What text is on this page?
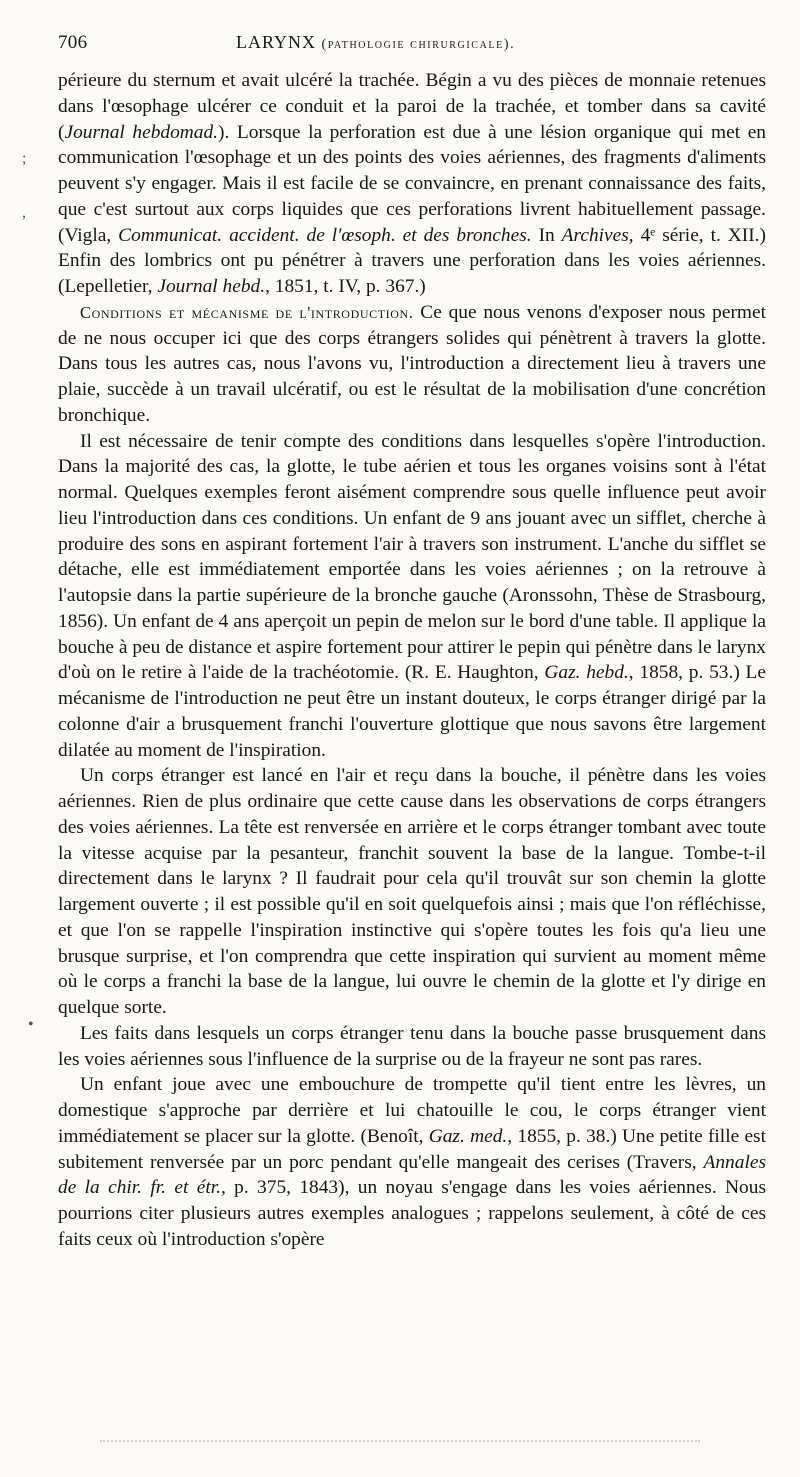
706	LARYNX (pathologie chirurgicale).

périeure du sternum et avait ulcéré la trachée. Bégin a vu des pièces de monnaie retenues dans l'œsophage ulcérer ce conduit et la paroi de la trachée, et tomber dans sa cavité (Journal hebdomad.). Lorsque la perforation est due à une lésion organique qui met en communication l'œsophage et un des points des voies aériennes, des fragments d'aliments peuvent s'y engager. Mais il est facile de se convaincre, en prenant connaissance des faits, que c'est surtout aux corps liquides que ces perforations livrent habituellement passage. (Vigla, Communicat. accident. de l'œsoph. et des bronches. In Archives, 4ᵉ série, t. XII.) Enfin des lombrics ont pu pénétrer à travers une perforation dans les voies aériennes. (Lepelletier, Journal hebd., 1851, t. IV, p. 367.)

Conditions et mécanisme de l'introduction. Ce que nous venons d'exposer nous permet de ne nous occuper ici que des corps étrangers solides qui pénètrent à travers la glotte. Dans tous les autres cas, nous l'avons vu, l'introduction a directement lieu à travers une plaie, succède à un travail ulcératif, ou est le résultat de la mobilisation d'une concrétion bronchique.

Il est nécessaire de tenir compte des conditions dans lesquelles s'opère l'introduction. Dans la majorité des cas, la glotte, le tube aérien et tous les organes voisins sont à l'état normal. Quelques exemples feront aisément comprendre sous quelle influence peut avoir lieu l'introduction dans ces conditions. Un enfant de 9 ans jouant avec un sifflet, cherche à produire des sons en aspirant fortement l'air à travers son instrument. L'anche du sifflet se détache, elle est immédiatement emportée dans les voies aériennes ; on la retrouve à l'autopsie dans la partie supérieure de la bronche gauche (Aronssohn, Thèse de Strasbourg, 1856). Un enfant de 4 ans aperçoit un pepin de melon sur le bord d'une table. Il applique la bouche à peu de distance et aspire fortement pour attirer le pepin qui pénètre dans le larynx d'où on le retire à l'aide de la trachéotomie. (R. E. Haughton, Gaz. hebd., 1858, p. 53.) Le mécanisme de l'introduction ne peut être un instant douteux, le corps étranger dirigé par la colonne d'air a brusquement franchi l'ouverture glottique que nous savons être largement dilatée au moment de l'inspiration.

Un corps étranger est lancé en l'air et reçu dans la bouche, il pénètre dans les voies aériennes. Rien de plus ordinaire que cette cause dans les observations de corps étrangers des voies aériennes. La tête est renversée en arrière et le corps étranger tombant avec toute la vitesse acquise par la pesanteur, franchit souvent la base de la langue. Tombe-t-il directement dans le larynx ? Il faudrait pour cela qu'il trouvât sur son chemin la glotte largement ouverte ; il est possible qu'il en soit quelquefois ainsi ; mais que l'on réfléchisse, et que l'on se rappelle l'inspiration instinctive qui s'opère toutes les fois qu'a lieu une brusque surprise, et l'on comprendra que cette inspiration qui survient au moment même où le corps a franchi la base de la langue, lui ouvre le chemin de la glotte et l'y dirige en quelque sorte.

Les faits dans lesquels un corps étranger tenu dans la bouche passe brusquement dans les voies aériennes sous l'influence de la surprise ou de la frayeur ne sont pas rares.

Un enfant joue avec une embouchure de trompette qu'il tient entre les lèvres, un domestique s'approche par derrière et lui chatouille le cou, le corps étranger vient immédiatement se placer sur la glotte. (Benoît, Gaz. med., 1855, p. 38.) Une petite fille est subitement renversée par un porc pendant qu'elle mangeait des cerises (Travers, Annales de la chir. fr. et étr., p. 375, 1843), un noyau s'engage dans les voies aériennes. Nous pourrions citer plusieurs autres exemples analogues ; rappelons seulement, à côté de ces faits ceux où l'introduction s'opère

;
,
•
